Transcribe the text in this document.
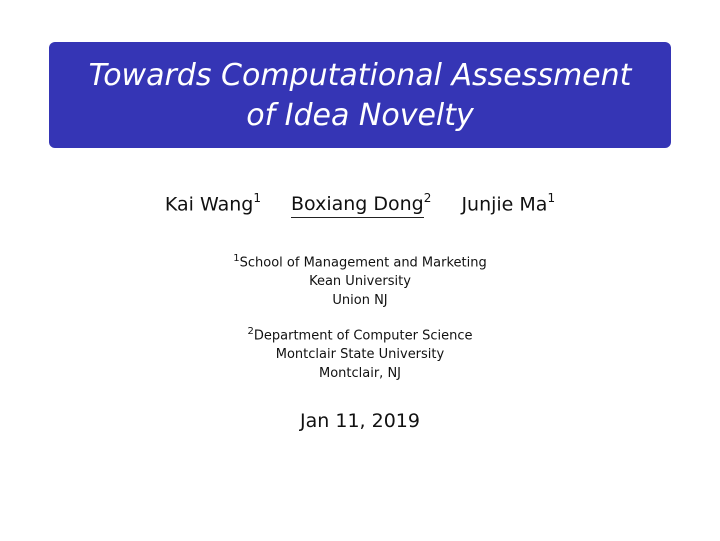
Towards Computational Assessment
of Idea Novelty
Kai Wang$^1$ Boxiang Dong$^2$ Junjie Ma$^1$
$^1$School of Management and Marketing
Kean University
Union NJ
$^2$Department of Computer Science
Montclair State University
Montclair, NJ
Jan 11, 2019
